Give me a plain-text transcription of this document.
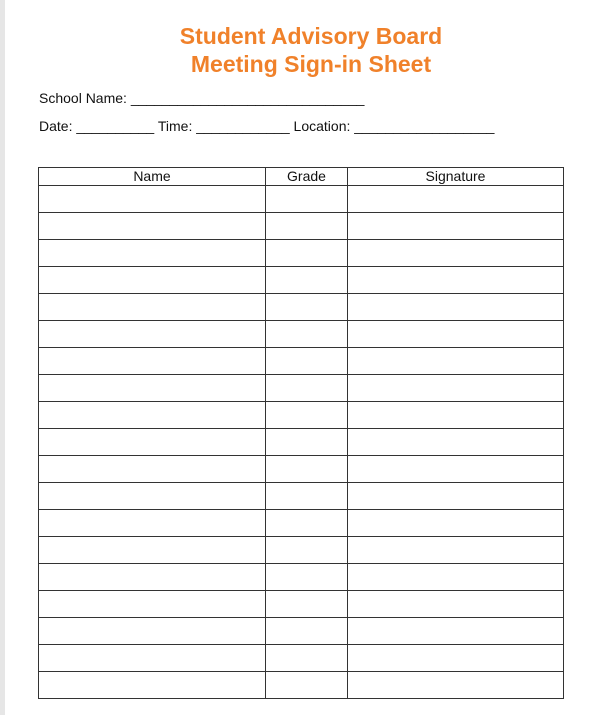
Student Advisory Board
Meeting Sign-in Sheet
School Name: ______________________________
Date: __________ Time: ____________ Location: __________________
Name	Grade	Signature
